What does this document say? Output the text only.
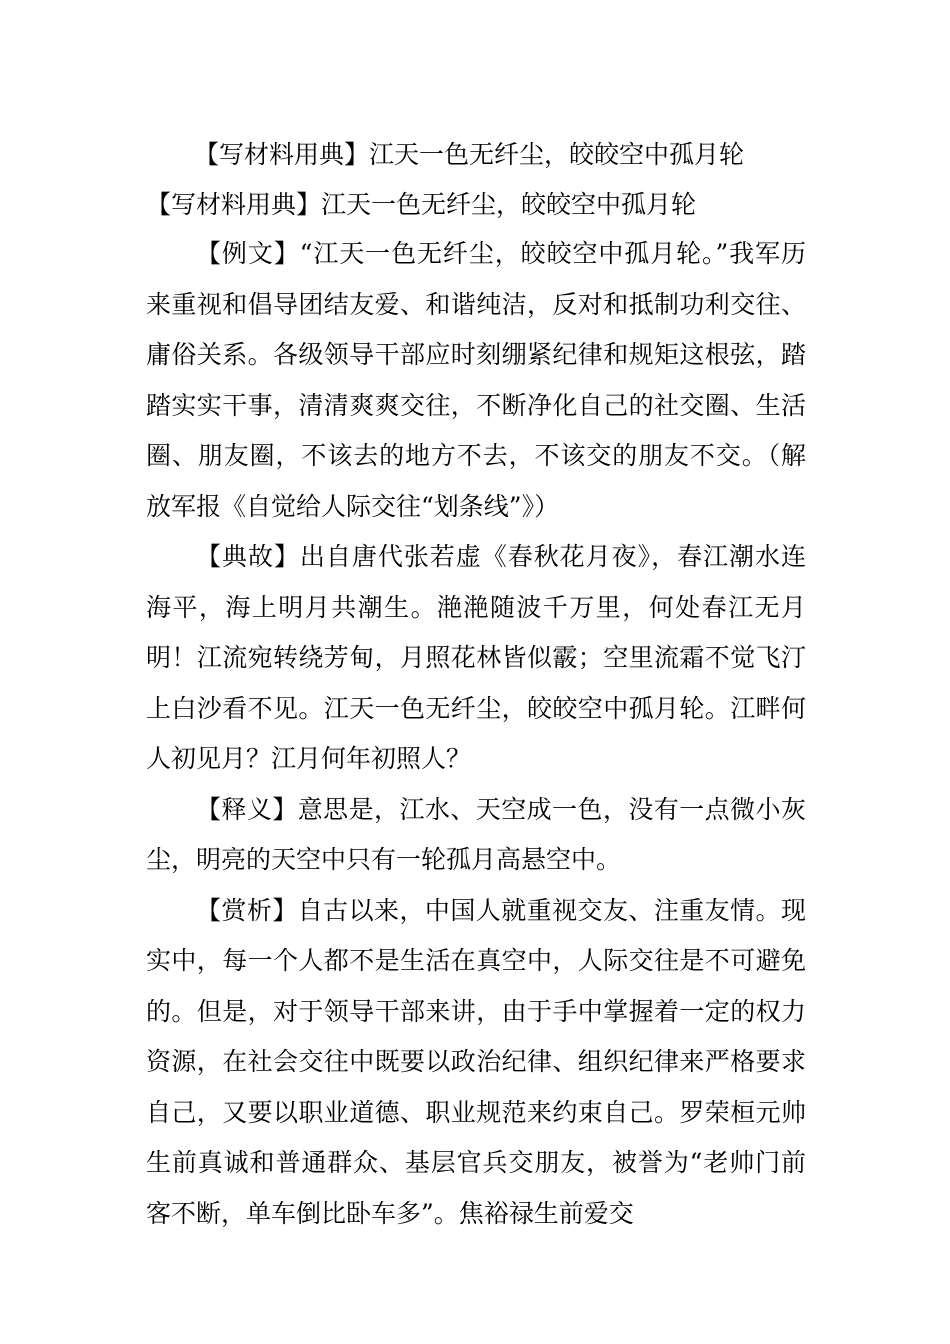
【写材料用典】江天一色无纤尘，皎皎空中孤月轮
【写材料用典】江天一色无纤尘，皎皎空中孤月轮

【例文】“江天一色无纤尘，皎皎空中孤月轮。”我军历来重视和倡导团结友爱、和谐纯洁，反对和抵制功利交往、庸俗关系。各级领导干部应时刻绷紧纪律和规矩这根弦，踏踏实实干事，清清爽爽交往，不断净化自己的社交圈、生活圈、朋友圈，不该去的地方不去，不该交的朋友不交。（解放军报《自觉给人际交往“划条线”》）

【典故】出自唐代张若虚《春秋花月夜》，春江潮水连海平，海上明月共潮生。滟滟随波千万里，何处春江无月明！江流宛转绕芳甸，月照花林皆似霰；空里流霜不觉飞汀上白沙看不见。江天一色无纤尘，皎皎空中孤月轮。江畔何人初见月？江月何年初照人？

【释义】意思是，江水、天空成一色，没有一点微小灰尘，明亮的天空中只有一轮孤月高悬空中。

【赏析】自古以来，中国人就重视交友、注重友情。现实中，每一个人都不是生活在真空中，人际交往是不可避免的。但是，对于领导干部来讲，由于手中掌握着一定的权力资源，在社会交往中既要以政治纪律、组织纪律来严格要求自己，又要以职业道德、职业规范来约束自己。罗荣桓元帅生前真诚和普通群众、基层官兵交朋友，被誉为“老帅门前客不断，单车倒比卧车多”。焦裕禄生前爱交
